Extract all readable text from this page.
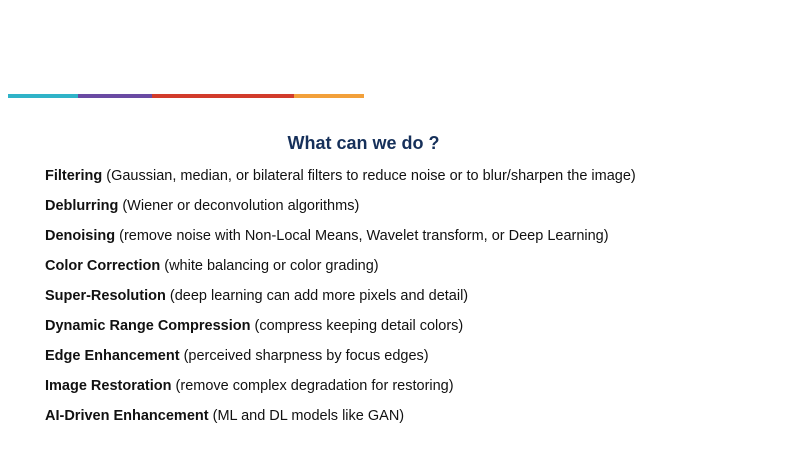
What can we do ?
Filtering (Gaussian, median, or bilateral filters to reduce noise or to blur/sharpen the image)
Deblurring (Wiener or deconvolution algorithms)
Denoising (remove noise with Non-Local Means, Wavelet transform, or Deep Learning)
Color Correction (white balancing or color grading)
Super-Resolution (deep learning can add more pixels and detail)
Dynamic Range Compression (compress keeping detail colors)
Edge Enhancement (perceived sharpness by focus edges)
Image Restoration (remove complex degradation for restoring)
AI-Driven Enhancement (ML and DL models like GAN)
